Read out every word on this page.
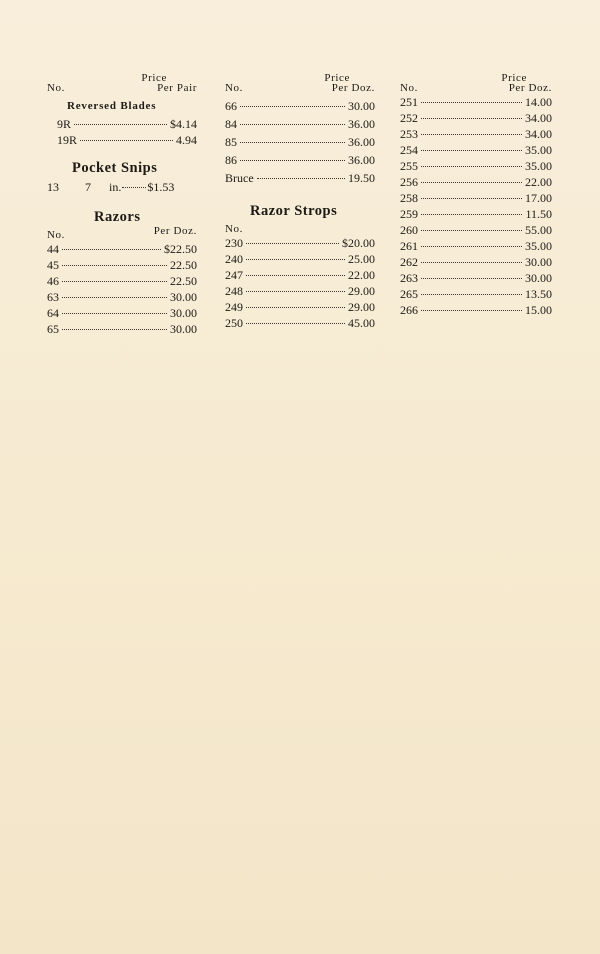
Price
No.	Per Pair
Reversed Blades
9R	$4.14
19R	4.94
Pocket Snips
13	7	in. $1.53
Razors
No.	Per Doz.
44	$22.50
45	22.50
46	22.50
63	30.00
64	30.00
65	30.00
Price
No.	Per Doz.
66	30.00
84	36.00
85	36.00
86	36.00
Bruce	19.50
Razor Strops
No.
230	$20.00
240	25.00
247	22.00
248	29.00
249	29.00
250	45.00
Price
No.	Per Doz.
251	14.00
252	34.00
253	34.00
254	35.00
255	35.00
256	22.00
258	17.00
259	11.50
260	55.00
261	35.00
262	30.00
263	30.00
265	13.50
266	15.00
